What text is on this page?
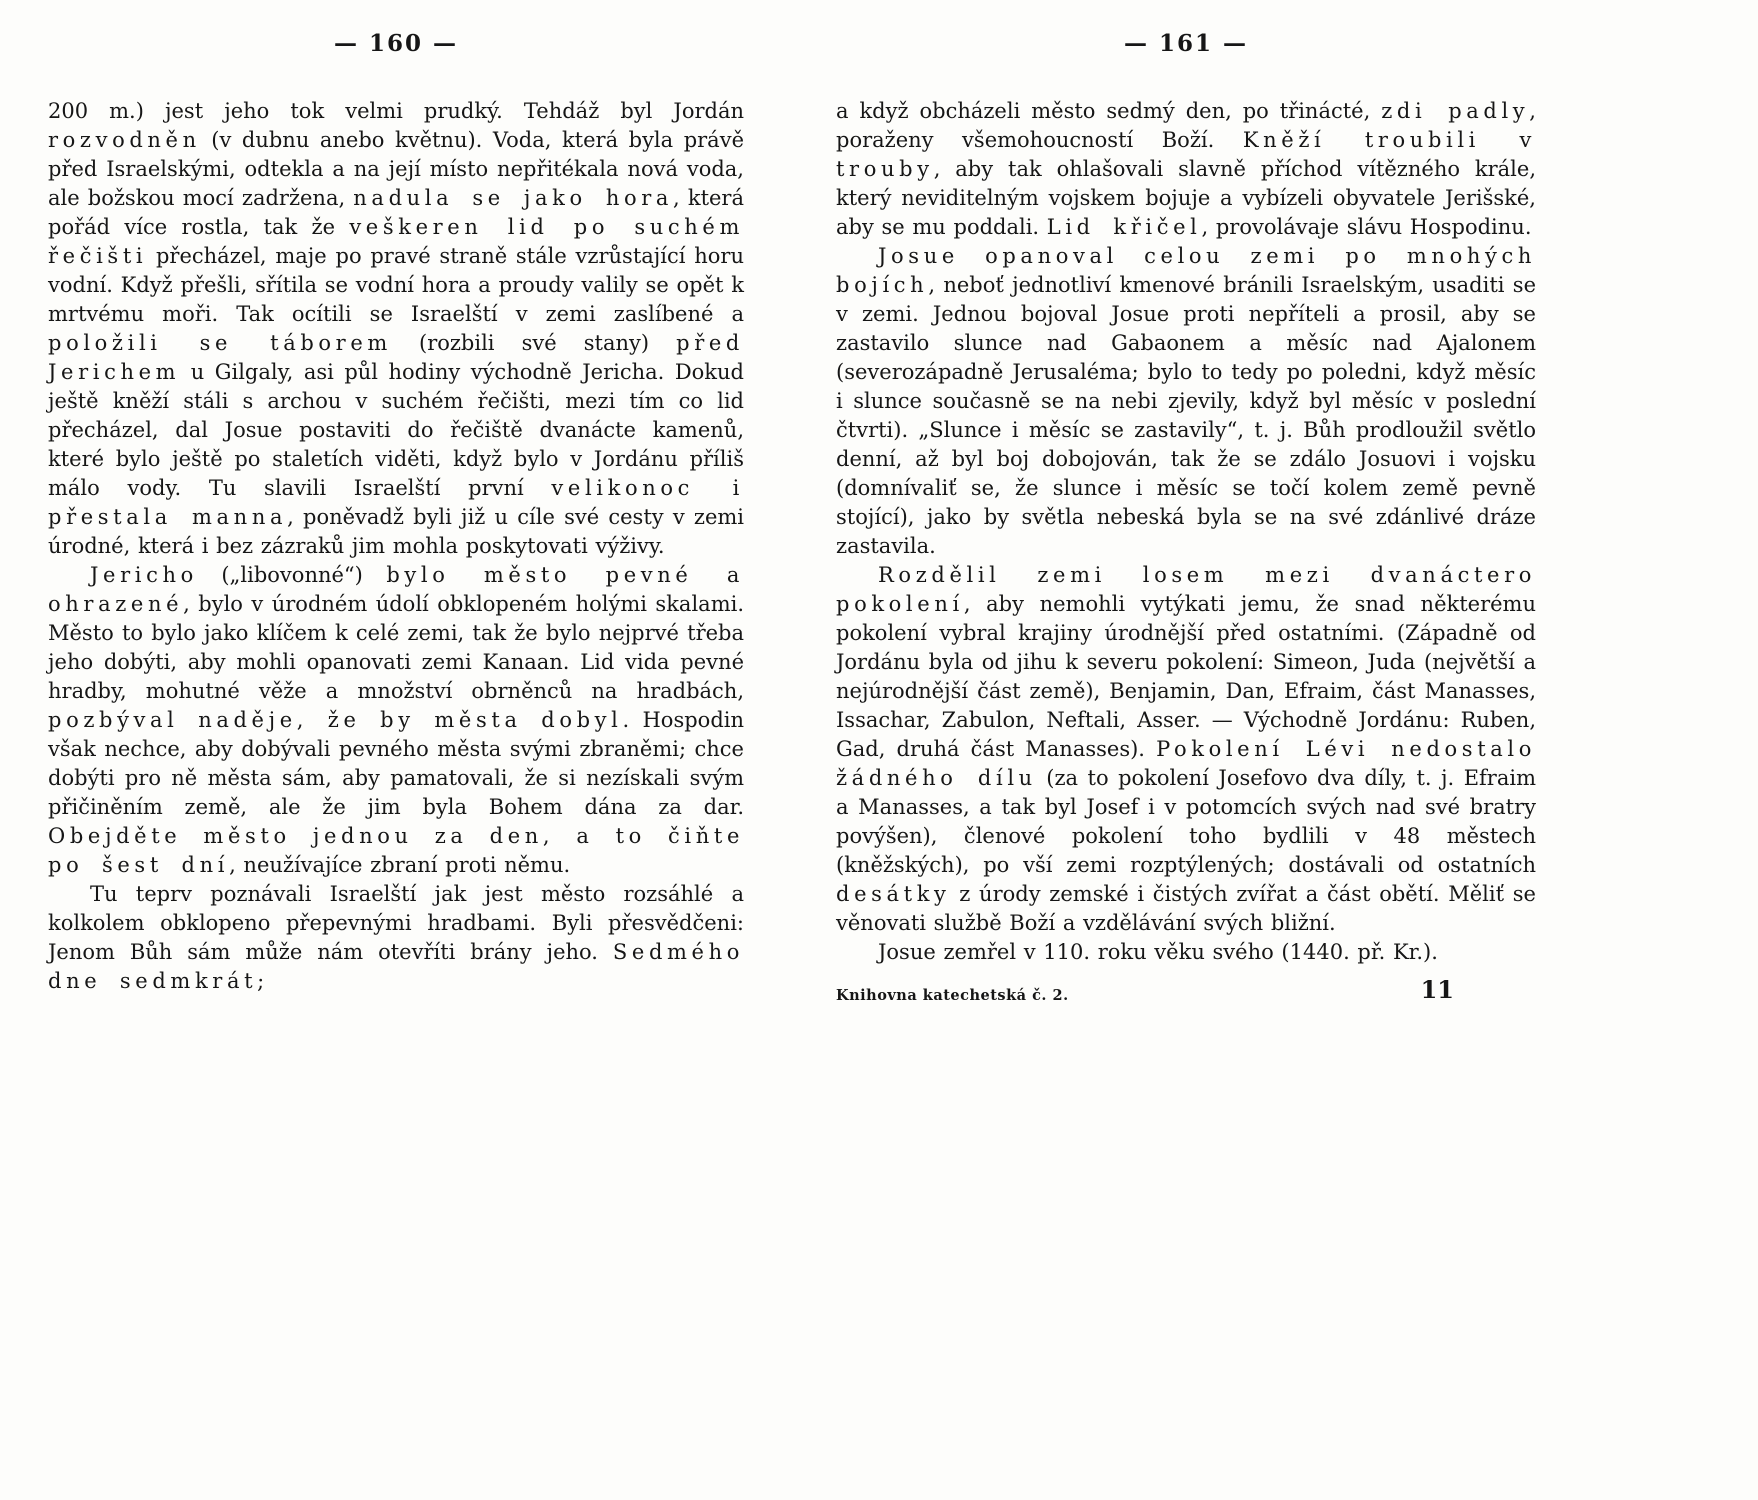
— 160 —

200 m.) jest jeho tok velmi prudký. Tehdáž byl Jordán rozvodněn (v dubnu anebo květnu). Voda, která byla právě před Israelskými, odtekla a na její místo nepřitékala nová voda, ale božskou mocí zadržena, nadula se jako hora, která pořád více rostla, tak že veškeren lid po suchém řečišti přecházel, maje po pravé straně stále vzrůstající horu vodní. Když přešli, sřítila se vodní hora a proudy valily se opět k mrtvému moři. Tak ocítili se Israelští v zemi zaslíbené a položili se táborem (rozbili své stany) před Jerichem u Gilgaly, asi půl hodiny východně Jericha. Dokud ještě kněží stáli s archou v suchém řečišti, mezi tím co lid přecházel, dal Josue postaviti do řečiště dvanácte kamenů, které bylo ještě po staletích viděti, když bylo v Jordánu příliš málo vody. Tu slavili Israelští první velikonoc i přestala manna, poněvadž byli již u cíle své cesty v zemi úrodné, která i bez zázraků jim mohla poskytovati výživy.

Jericho („libovonné“) bylo město pevné a ohrazené, bylo v úrodném údolí obklopeném holými skalami. Město to bylo jako klíčem k celé zemi, tak že bylo nejprvé třeba jeho dobýti, aby mohli opanovati zemi Kanaan. Lid vida pevné hradby, mohutné věže a množství obrněnců na hradbách, pozbýval naděje, že by města dobyl. Hospodin však nechce, aby dobývali pevného města svými zbraněmi; chce dobýti pro ně města sám, aby pamatovali, že si nezískali svým přičiněním země, ale že jim byla Bohem dána za dar. Obejděte město jednou za den, a to čiňte po šest dní, neužívajíce zbraní proti němu.

Tu teprv poznávali Israelští jak jest město rozsáhlé a kolkolem obklopeno přepevnými hradbami. Byli přesvědčeni: Jenom Bůh sám může nám otevříti brány jeho. Sedmého dne sedmkrát;

— 161 —

a když obcházeli město sedmý den, po třinácté, zdi padly, poraženy všemohoucností Boží. Kněží troubili v trouby, aby tak ohlašovali slavně příchod vítězného krále, který neviditelným vojskem bojuje a vybízeli obyvatele Jerišské, aby se mu poddali. Lid křičel, provolávaje slávu Hospodinu.

Josue opanoval celou zemi po mnohých bojích, neboť jednotliví kmenové bránili Israelským, usaditi se v zemi. Jednou bojoval Josue proti nepříteli a prosil, aby se zastavilo slunce nad Gabaonem a měsíc nad Ajalonem (severozápadně Jerusaléma; bylo to tedy po poledni, když měsíc i slunce současně se na nebi zjevily, když byl měsíc v poslední čtvrti). „Slunce i měsíc se zastavily“, t. j. Bůh prodloužil světlo denní, až byl boj dobojován, tak že se zdálo Josuovi i vojsku (domnívaliť se, že slunce i měsíc se točí kolem země pevně stojící), jako by světla nebeská byla se na své zdánlivé dráze zastavila.

Rozdělil zemi losem mezi dvanáctero pokolení, aby nemohli vytýkati jemu, že snad některému pokolení vybral krajiny úrodnější před ostatními. (Západně od Jordánu byla od jihu k severu pokolení: Simeon, Juda (největší a nejúrodnější část země), Benjamin, Dan, Efraim, část Manasses, Issachar, Zabulon, Neftali, Asser. — Východně Jordánu: Ruben, Gad, druhá část Manasses). Pokolení Lévi nedostalo žádného dílu (za to pokolení Josefovo dva díly, t. j. Efraim a Manasses, a tak byl Josef i v potomcích svých nad své bratry povýšen), členové pokolení toho bydlili v 48 městech (kněžských), po vší zemi rozptýlených; dostávali od ostatních desátky z úrody zemské i čistých zvířat a část obětí. Měliť se věnovati službě Boží a vzdělávání svých bližní.

Josue zemřel v 110. roku věku svého (1440. př. Kr.).

Knihovna katechetská č. 2.	11
